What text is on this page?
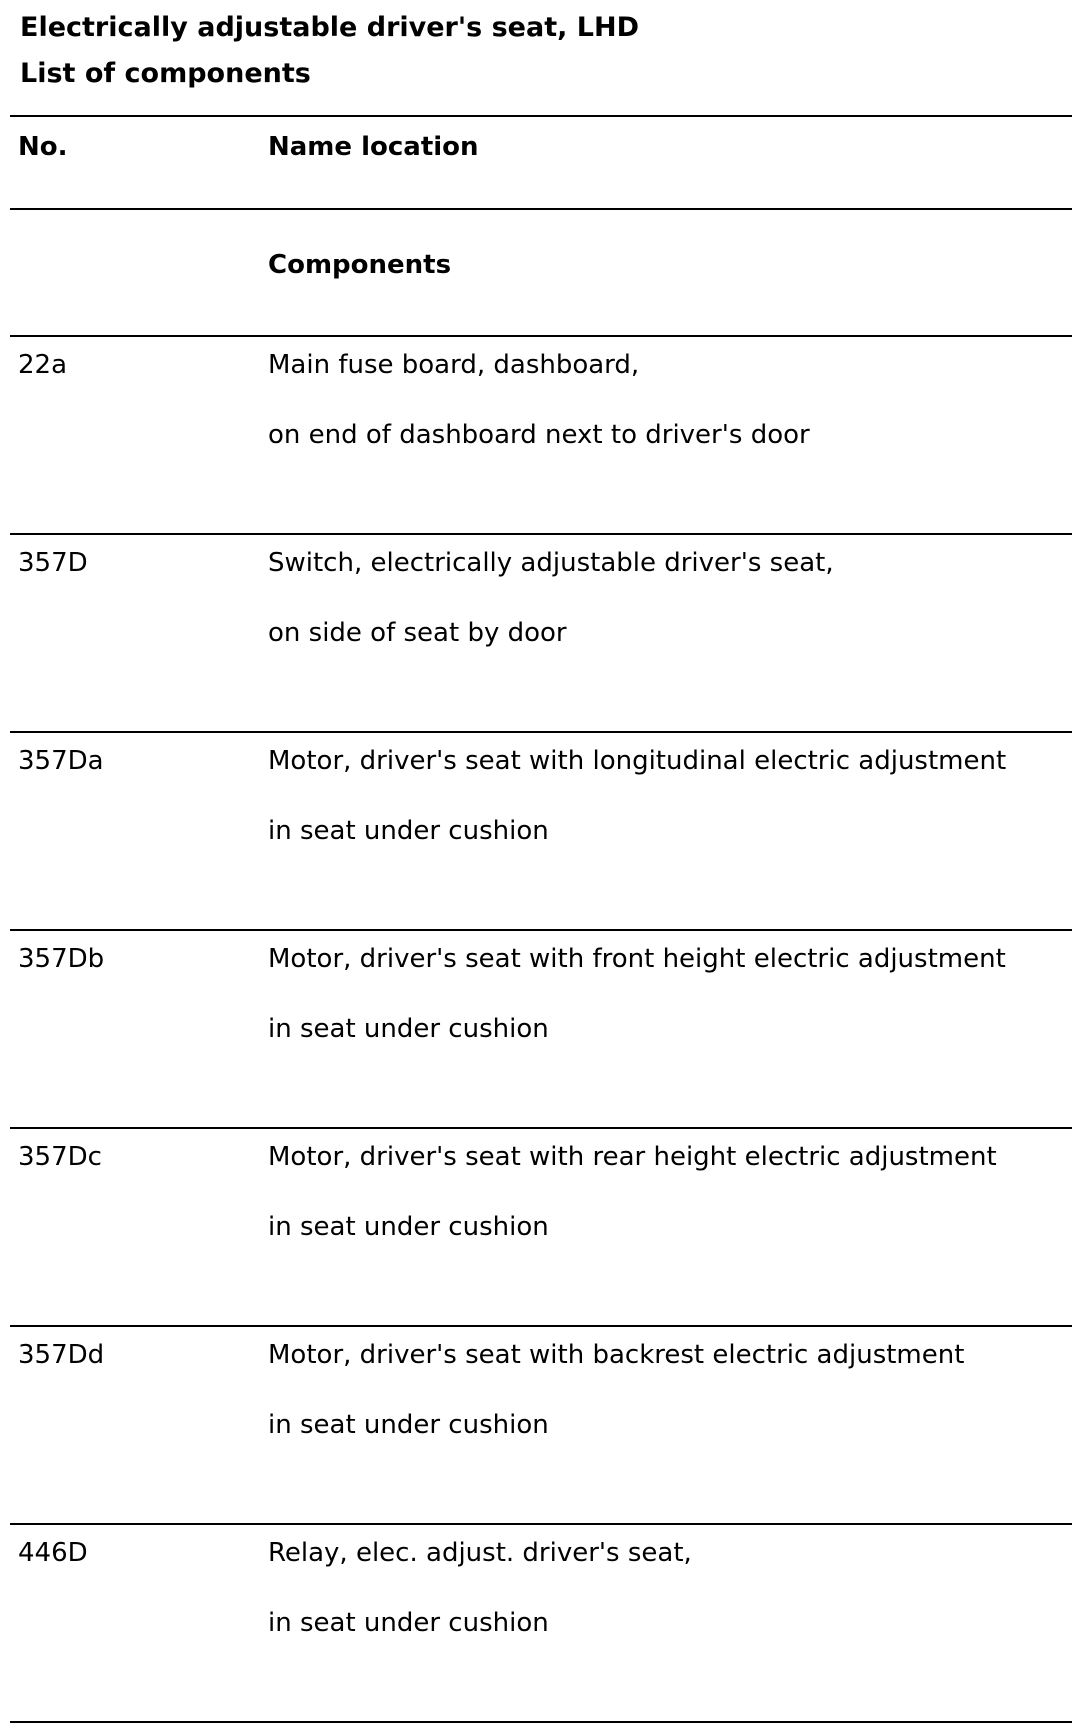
Electrically adjustable driver's seat, LHD
List of components
No.	Name location
Components
22a	Main fuse board, dashboard,
on end of dashboard next to driver's door
357D	Switch, electrically adjustable driver's seat,
on side of seat by door
357Da	Motor, driver's seat with longitudinal electric adjustment
in seat under cushion
357Db	Motor, driver's seat with front height electric adjustment
in seat under cushion
357Dc	Motor, driver's seat with rear height electric adjustment
in seat under cushion
357Dd	Motor, driver's seat with backrest electric adjustment
in seat under cushion
446D	Relay, elec. adjust. driver's seat,
in seat under cushion
